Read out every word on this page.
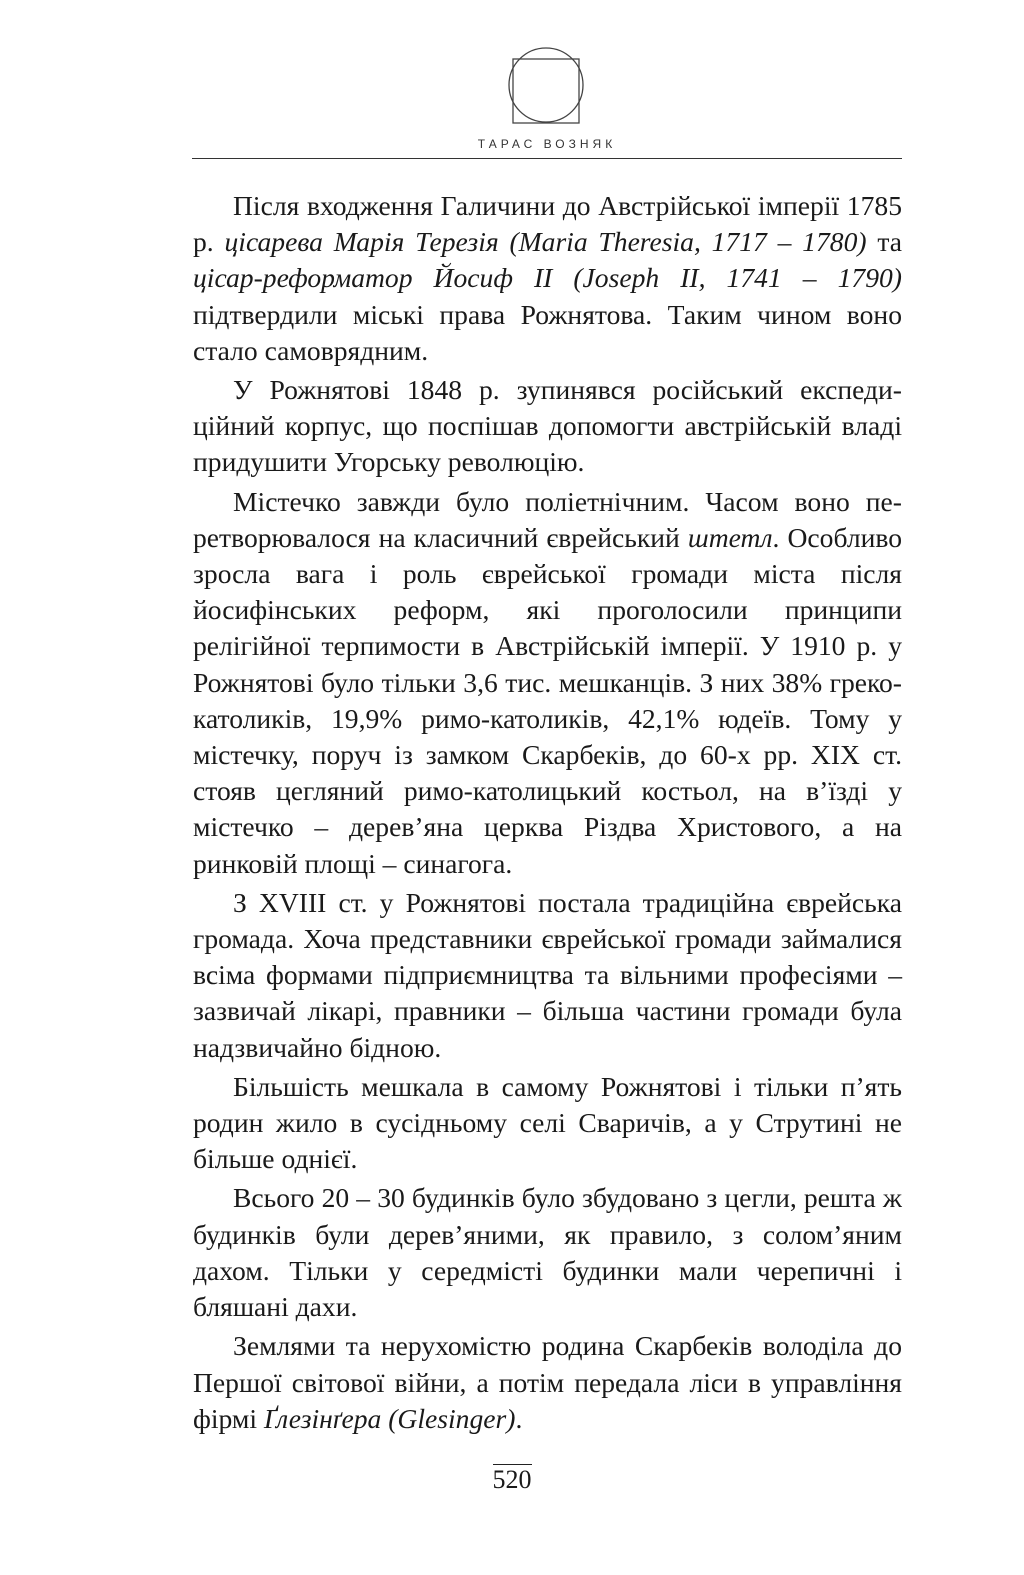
ТАРАС ВОЗНЯК

Після входження Галичини до Австрійської імперії 1785 р. цісарева Марія Терезія (Maria Theresia, 1717 – 1780) та цісар-реформатор Йосиф ІІ (Joseph II, 1741 – 1790) підтвердили міські права Рожнятова. Таким чином воно стало самоврядним.

У Рожнятові 1848 р. зупинявся російський експедиційний корпус, що поспішав допомогти австрійській владі придушити Угорську революцію.

Містечко завжди було поліетнічним. Часом воно перетворювалося на класичний єврейський штетл. Особливо зросла вага і роль єврейської громади міста після йосифінських реформ, які проголосили принципи релігійної терпимости в Австрійській імперії. У 1910 р. у Рожнятові було тільки 3,6 тис. мешканців. З них 38% греко-католиків, 19,9% римо-католиків, 42,1% юдеїв. Тому у містечку, поруч із замком Скарбеків, до 60-х рр. XIX ст. стояв цегляний римо-католицький костьол, на в’їзді у містечко – дерев’яна церква Різдва Христового, а на ринковій площі – синагога.

З XVIII ст. у Рожнятові постала традиційна єврейська громада. Хоча представники єврейської громади займалися всіма формами підприємництва та вільними професіями – зазвичай лікарі, правники – більша частини громади була надзвичайно бідною.

Більшість мешкала в самому Рожнятові і тільки п’ять родин жило в сусідньому селі Сваричів, а у Струтині не більше однієї.

Всього 20 – 30 будинків було збудовано з цегли, решта ж будинків були дерев’яними, як правило, з солом’яним дахом. Тільки у середмісті будинки мали черепичні і бляшані дахи.

Землями та нерухомістю родина Скарбеків володіла до Першої світової війни, а потім передала ліси в управління фірмі Ґлезінґера (Glesinger).

520
